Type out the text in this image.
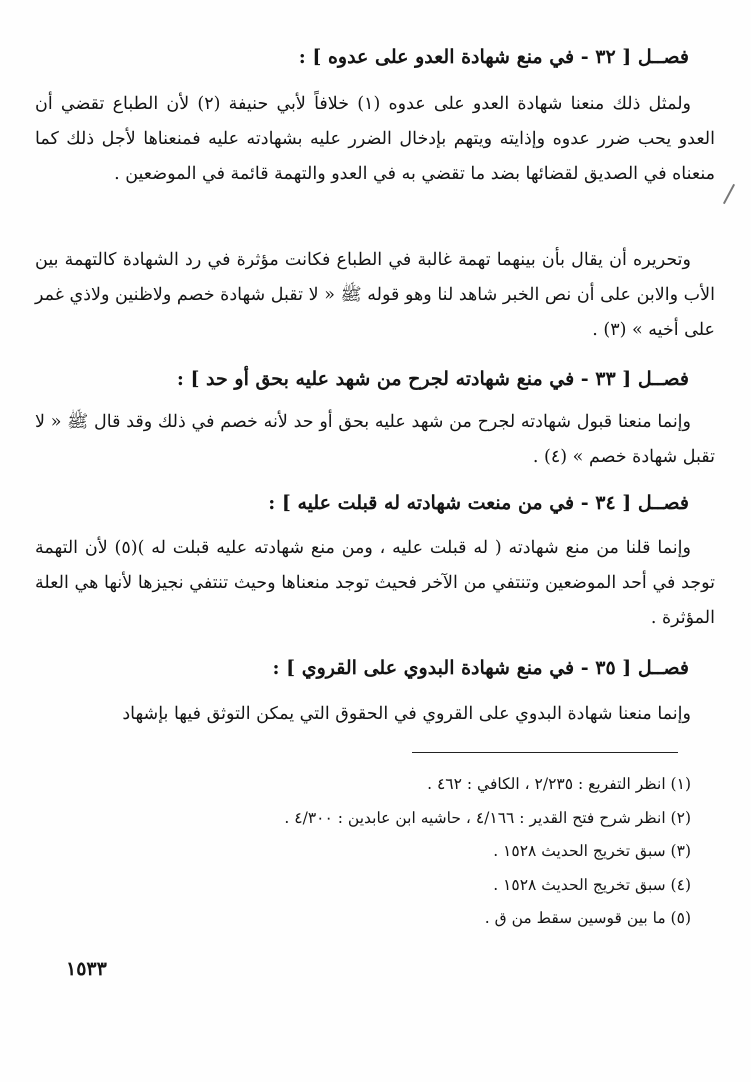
فصــل [ ٣٢ - في منع شهادة العدو على عدوه ] :
ولمثل ذلك منعنا شهادة العدو على عدوه (١) خلافاً لأبي حنيفة (٢) لأن الطباع تقضي أن العدو يحب ضرر عدوه وإذايته ويتهم بإدخال الضرر عليه بشهادته عليه فمنعناها لأجل ذلك كما منعناه في الصديق لقضائها بضد ما تقضي به في العدو والتهمة قائمة في الموضعين .
وتحريره أن يقال بأن بينهما تهمة غالبة في الطباع فكانت مؤثرة في رد الشهادة كالتهمة بين الأب والابن على أن نص الخبر شاهد لنا وهو قوله ﷺ « لا تقبل شهادة خصم ولاظنين ولاذي غمر على أخيه » (٣) .
فصــل [ ٣٣ - في منع شهادته لجرح من شهد عليه بحق أو حد ] :
وإنما منعنا قبول شهادته لجرح من شهد عليه بحق أو حد لأنه خصم في ذلك وقد قال ﷺ « لا تقبل شهادة خصم » (٤) .
فصــل [ ٣٤ - في من منعت شهادته له قبلت عليه ] :
وإنما قلنا من منع شهادته ( له قبلت عليه ، ومن منع شهادته عليه قبلت له )(٥) لأن التهمة توجد في أحد الموضعين وتنتفي من الآخر فحيث توجد منعناها وحيث تنتفي نجيزها لأنها هي العلة المؤثرة .
فصــل [ ٣٥ - في منع شهادة البدوي على القروي ] :
وإنما منعنا شهادة البدوي على القروي في الحقوق التي يمكن التوثق فيها بإشهاد
(١) انظر التفريع : ٢/٢٣٥ ، الكافي : ٤٦٢ .
(٢) انظر شرح فتح القدير : ٤/١٦٦ ، حاشيه ابن عابدين : ٤/٣٠٠ .
(٣) سبق تخريج الحديث ١٥٢٨ .
(٤) سبق تخريج الحديث ١٥٢٨ .
(٥) ما بين قوسين سقط من ق .
١٥٣٣
